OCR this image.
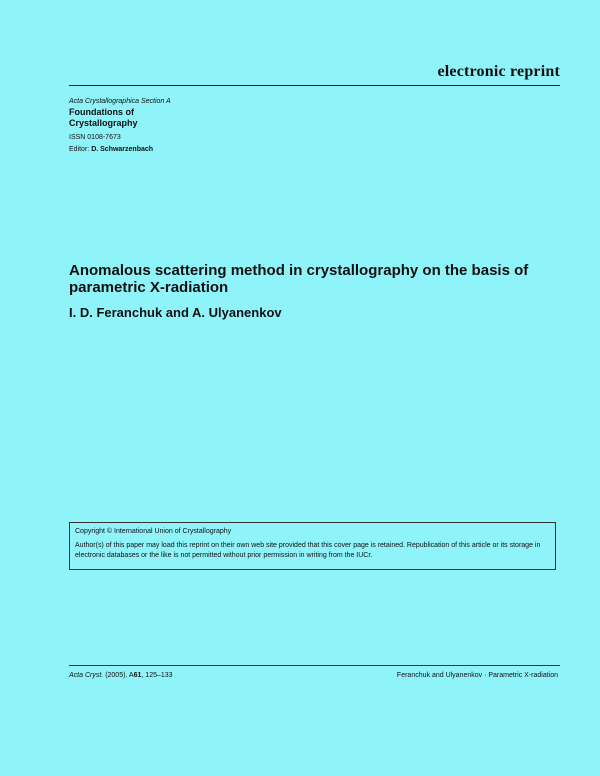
electronic reprint
Acta Crystallographica Section A
Foundations of
Crystallography
ISSN 0108-7673
Editor: D. Schwarzenbach
Anomalous scattering method in crystallography on the basis of parametric X-radiation
I. D. Feranchuk and A. Ulyanenkov
Copyright © International Union of Crystallography
Author(s) of this paper may load this reprint on their own web site provided that this cover page is retained. Republication of this article or its storage in electronic databases or the like is not permitted without prior permission in writing from the IUCr.
Acta Cryst. (2005). A61, 125–133	Feranchuk and Ulyanenkov · Parametric X-radiation
